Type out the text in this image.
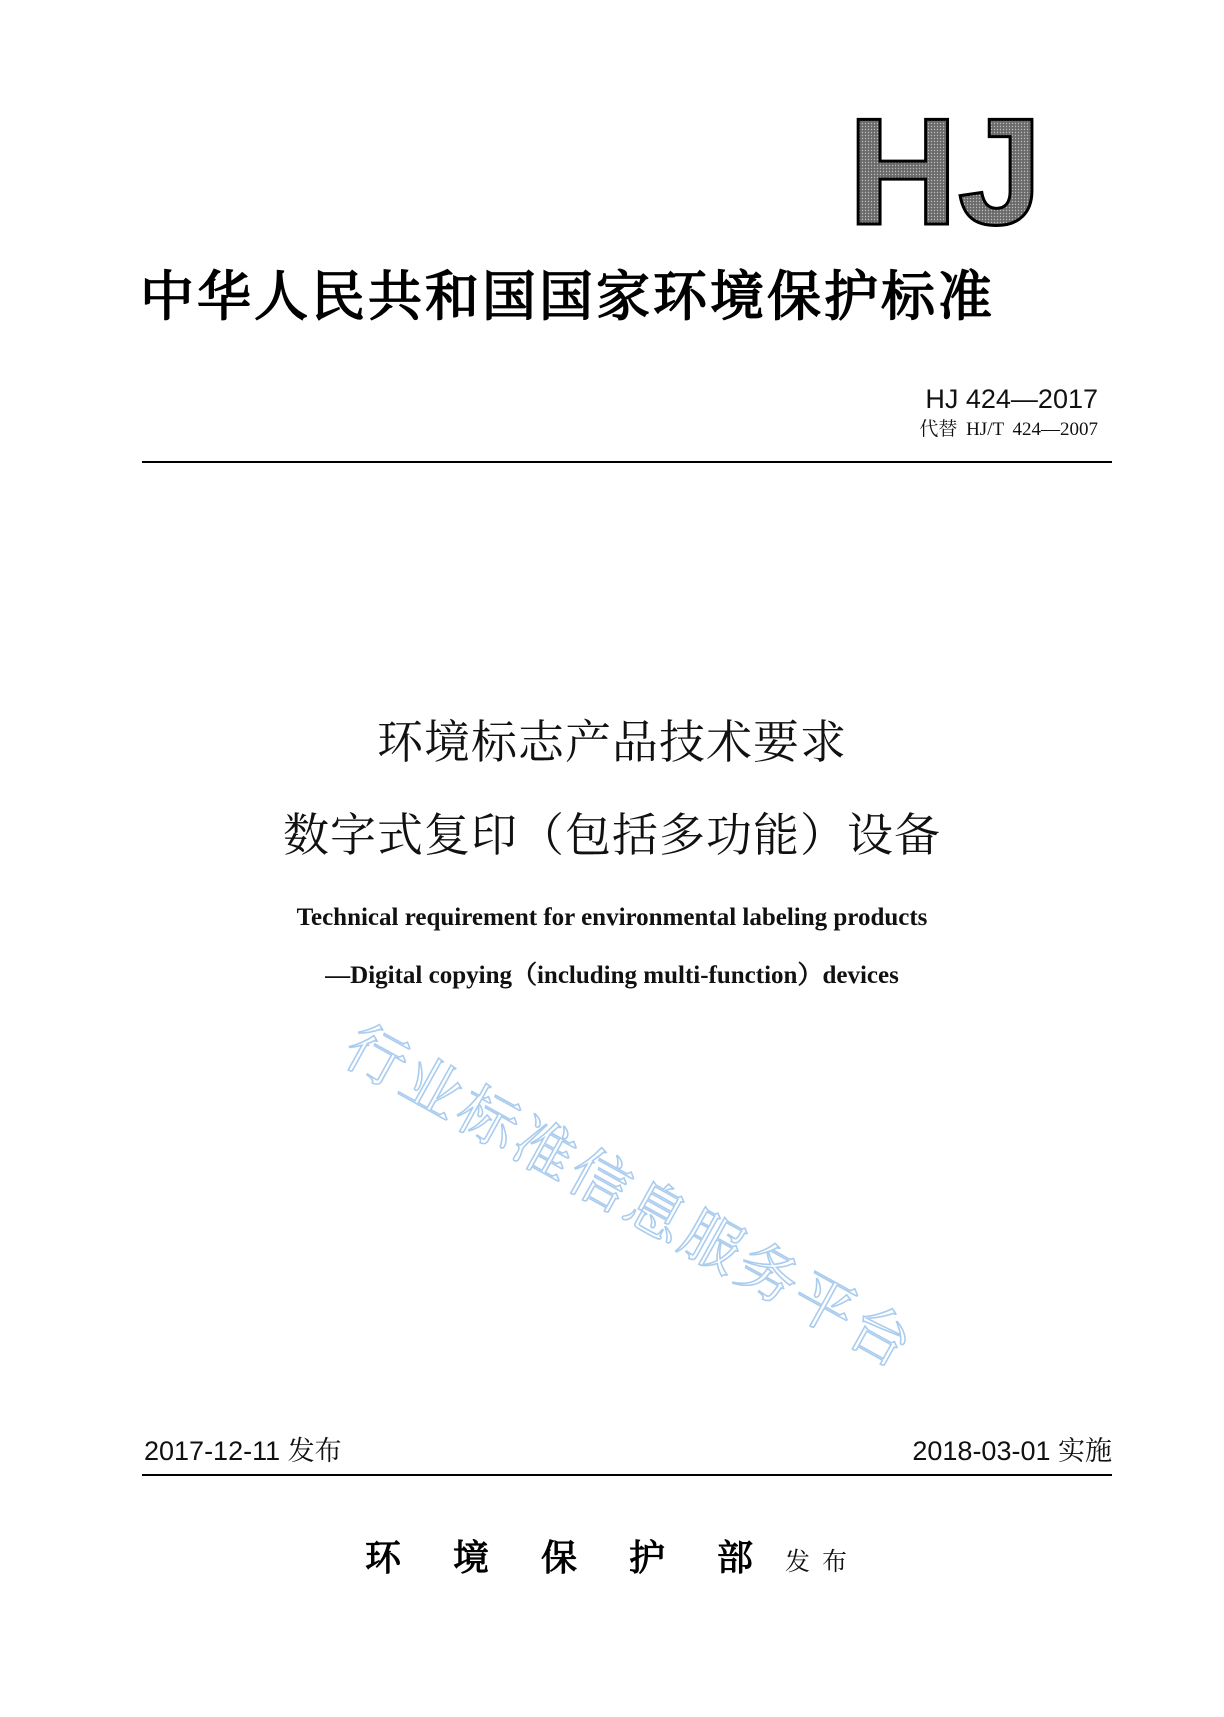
HJ
中华人民共和国国家环境保护标准
HJ 424—2017
代替 HJ/T 424—2007
环境标志产品技术要求
数字式复印（包括多功能）设备
Technical requirement for environmental labeling products
—Digital copying（including multi-function）devices
行业标准信息服务平台
2017-12-11 发布	2018-03-01 实施
环境保护部发布
